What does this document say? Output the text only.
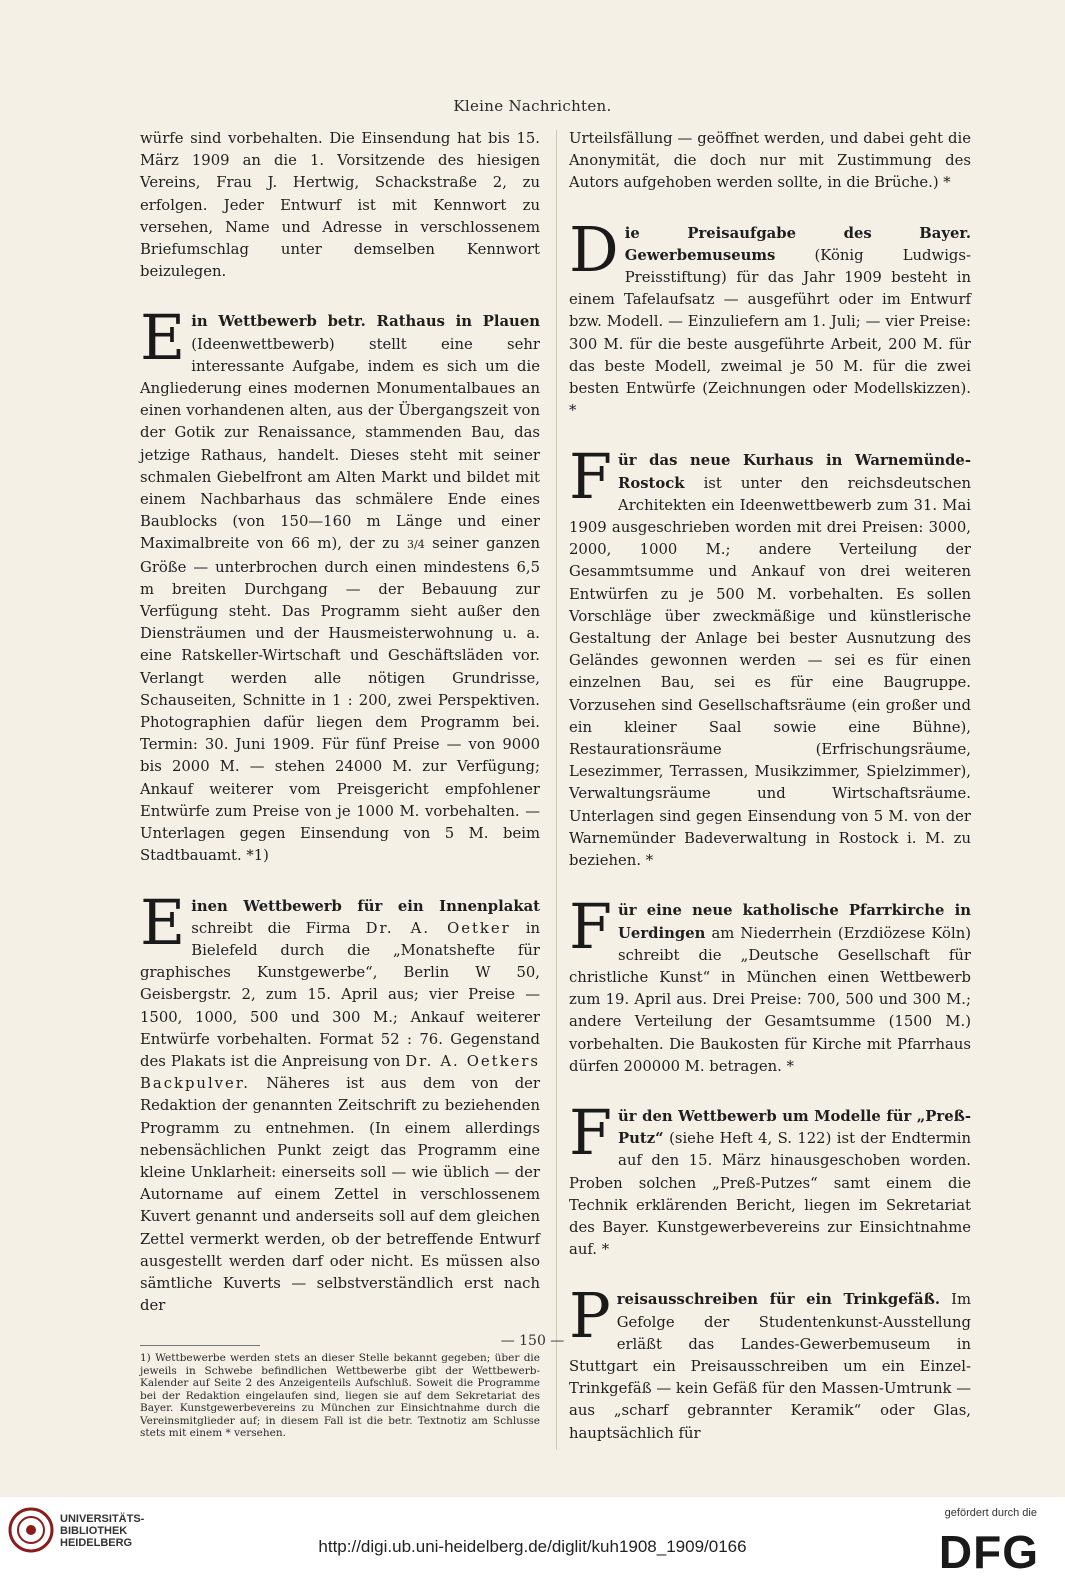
Kleine Nachrichten.

würfe sind vorbehalten. Die Einsendung hat bis 15. März 1909 an die 1. Vorsitzende des hiesigen Vereins, Frau J. Hertwig, Schackstraße 2, zu erfolgen. Jeder Entwurf ist mit Kennwort zu versehen, Name und Adresse in verschlossenem Briefumschlag unter demselben Kennwort beizulegen.

Ein Wettbewerb betr. Rathaus in Plauen (Ideenwettbewerb) stellt eine sehr interessante Aufgabe, indem es sich um die Angliederung eines modernen Monumentalbaues an einen vorhandenen alten, aus der Übergangszeit von der Gotik zur Renaissance, stammenden Bau, das jetzige Rathaus, handelt. Dieses steht mit seiner schmalen Giebelfront am Alten Markt und bildet mit einem Nachbarhaus das schmälere Ende eines Baublocks (von 150—160 m Länge und einer Maximalbreite von 66 m), der zu 3/4 seiner ganzen Größe — unterbrochen durch einen mindestens 6,5 m breiten Durchgang — der Bebauung zur Verfügung steht. Das Programm sieht außer den Diensträumen und der Hausmeisterwohnung u. a. eine Ratskeller-Wirtschaft und Geschäftsläden vor. Verlangt werden alle nötigen Grundrisse, Schauseiten, Schnitte in 1 : 200, zwei Perspektiven. Photographien dafür liegen dem Programm bei. Termin: 30. Juni 1909. Für fünf Preise — von 9000 bis 2000 M. — stehen 24000 M. zur Verfügung; Ankauf weiterer vom Preisgericht empfohlener Entwürfe zum Preise von je 1000 M. vorbehalten. — Unterlagen gegen Einsendung von 5 M. beim Stadtbauamt. *1)

Einen Wettbewerb für ein Innenplakat schreibt die Firma Dr. A. Oetker in Bielefeld durch die „Monatshefte für graphisches Kunstgewerbe“, Berlin W 50, Geisbergstr. 2, zum 15. April aus; vier Preise — 1500, 1000, 500 und 300 M.; Ankauf weiterer Entwürfe vorbehalten. Format 52 : 76. Gegenstand des Plakats ist die Anpreisung von Dr. A. Oetkers Backpulver. Näheres ist aus dem von der Redaktion der genannten Zeitschrift zu beziehenden Programm zu entnehmen. (In einem allerdings nebensächlichen Punkt zeigt das Programm eine kleine Unklarheit: einerseits soll — wie üblich — der Autorname auf einem Zettel in verschlossenem Kuvert genannt und anderseits soll auf dem gleichen Zettel vermerkt werden, ob der betreffende Entwurf ausgestellt werden darf oder nicht. Es müssen also sämtliche Kuverts — selbstverständlich erst nach der

1) Wettbewerbe werden stets an dieser Stelle bekannt gegeben; über die jeweils in Schwebe befindlichen Wettbewerbe gibt der Wettbewerb-Kalender auf Seite 2 des Anzeigenteils Aufschluß. Soweit die Programme bei der Redaktion eingelaufen sind, liegen sie auf dem Sekretariat des Bayer. Kunstgewerbevereins zu München zur Einsichtnahme durch die Vereinsmitglieder auf; in diesem Fall ist die betr. Textnotiz am Schlusse stets mit einem * versehen.

Urteilsfällung — geöffnet werden, und dabei geht die Anonymität, die doch nur mit Zustimmung des Autors aufgehoben werden sollte, in die Brüche.) *

Die Preisaufgabe des Bayer. Gewerbemuseums (König Ludwigs-Preisstiftung) für das Jahr 1909 besteht in einem Tafelaufsatz — ausgeführt oder im Entwurf bzw. Modell. — Einzuliefern am 1. Juli; — vier Preise: 300 M. für die beste ausgeführte Arbeit, 200 M. für das beste Modell, zweimal je 50 M. für die zwei besten Entwürfe (Zeichnungen oder Modellskizzen). *

Für das neue Kurhaus in Warnemünde-Rostock ist unter den reichsdeutschen Architekten ein Ideenwettbewerb zum 31. Mai 1909 ausgeschrieben worden mit drei Preisen: 3000, 2000, 1000 M.; andere Verteilung der Gesammtsumme und Ankauf von drei weiteren Entwürfen zu je 500 M. vorbehalten. Es sollen Vorschläge über zweckmäßige und künstlerische Gestaltung der Anlage bei bester Ausnutzung des Geländes gewonnen werden — sei es für einen einzelnen Bau, sei es für eine Baugruppe. Vorzusehen sind Gesellschaftsräume (ein großer und ein kleiner Saal sowie eine Bühne), Restaurationsräume (Erfrischungsräume, Lesezimmer, Terrassen, Musikzimmer, Spielzimmer), Verwaltungsräume und Wirtschaftsräume. Unterlagen sind gegen Einsendung von 5 M. von der Warnemünder Badeverwaltung in Rostock i. M. zu beziehen. *

Für eine neue katholische Pfarrkirche in Uerdingen am Niederrhein (Erzdiözese Köln) schreibt die „Deutsche Gesellschaft für christliche Kunst“ in München einen Wettbewerb zum 19. April aus. Drei Preise: 700, 500 und 300 M.; andere Verteilung der Gesamtsumme (1500 M.) vorbehalten. Die Baukosten für Kirche mit Pfarrhaus dürfen 200000 M. betragen. *

Für den Wettbewerb um Modelle für „Preß-Putz“ (siehe Heft 4, S. 122) ist der Endtermin auf den 15. März hinausgeschoben worden. Proben solchen „Preß-Putzes“ samt einem die Technik erklärenden Bericht, liegen im Sekretariat des Bayer. Kunstgewerbevereins zur Einsichtnahme auf. *

Preisausschreiben für ein Trinkgefäß. Im Gefolge der Studentenkunst-Ausstellung erläßt das Landes-Gewerbemuseum in Stuttgart ein Preisausschreiben um ein Einzel-Trinkgefäß — kein Gefäß für den Massen-Umtrunk — aus „scharf gebrannter Keramik“ oder Glas, hauptsächlich für

— 150 —
UNIVERSITÄTS-
BIBLIOTHEK
HEIDELBERG	http://digi.ub.uni-heidelberg.de/diglit/kuh1908_1909/0166
gefördert durch die
DFG
